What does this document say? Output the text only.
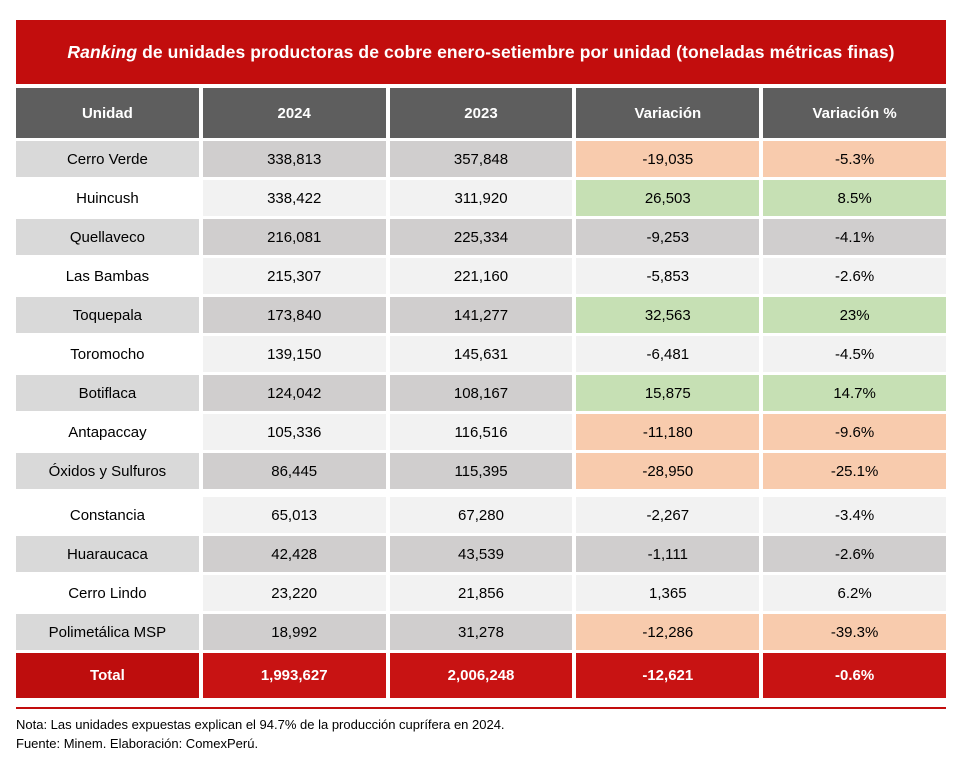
Ranking de unidades productoras de cobre enero-setiembre por unidad (toneladas métricas finas)
Unidad	2024	2023	Variación	Variación %
Cerro Verde	338,813	357,848	-19,035	-5.3%
Huincush	338,422	311,920	26,503	8.5%
Quellaveco	216,081	225,334	-9,253	-4.1%
Las Bambas	215,307	221,160	-5,853	-2.6%
Toquepala	173,840	141,277	32,563	23%
Toromocho	139,150	145,631	-6,481	-4.5%
Botiflaca	124,042	108,167	15,875	14.7%
Antapaccay	105,336	116,516	-11,180	-9.6%
Óxidos y Sulfuros	86,445	115,395	-28,950	-25.1%
Constancia	65,013	67,280	-2,267	-3.4%
Huaraucaca	42,428	43,539	-1,111	-2.6%
Cerro Lindo	23,220	21,856	1,365	6.2%
Polimetálica MSP	18,992	31,278	-12,286	-39.3%
Total	1,993,627	2,006,248	-12,621	-0.6%
Nota: Las unidades expuestas explican el 94.7% de la producción cuprífera en 2024.
Fuente: Minem. Elaboración: ComexPerú.
